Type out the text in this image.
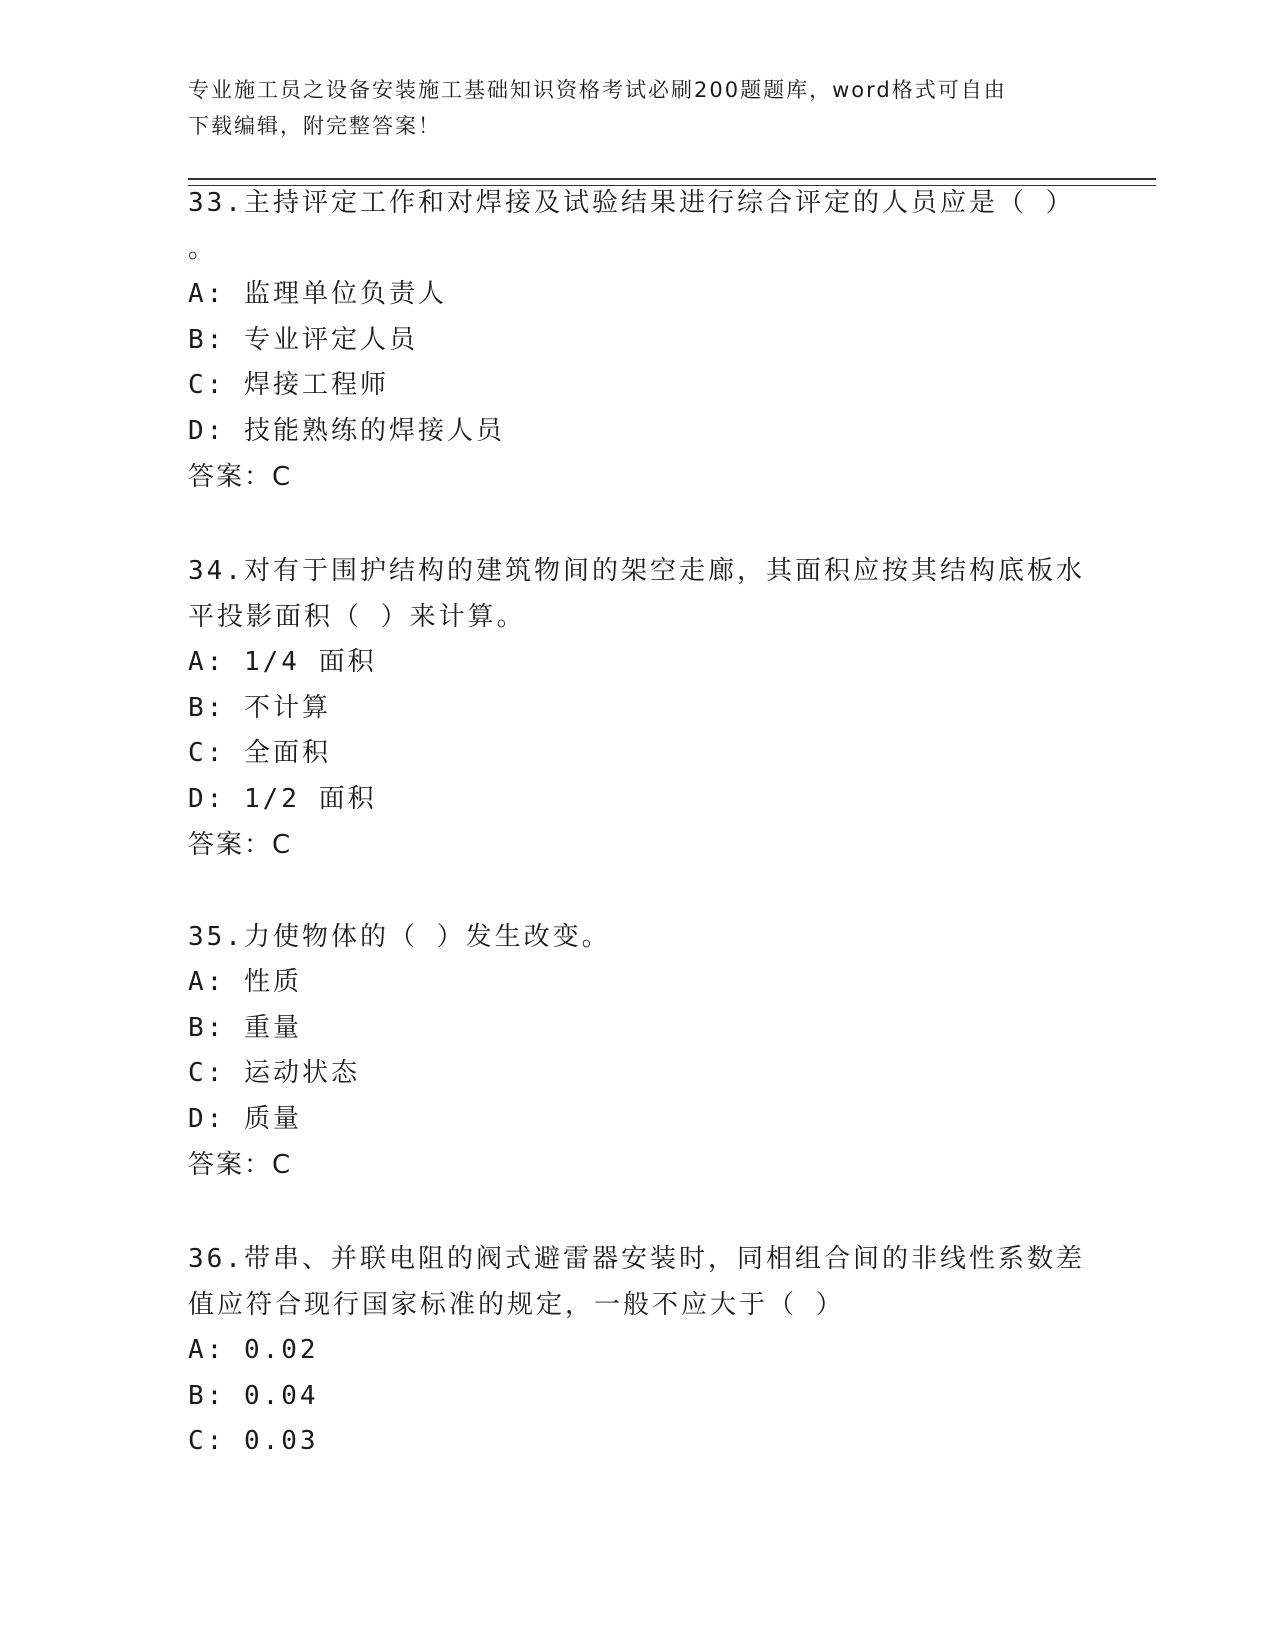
专业施工员之设备安装施工基础知识资格考试必刷200题题库，word格式可自由
下载编辑，附完整答案！
33.主持评定工作和对焊接及试验结果进行综合评定的人员应是（ ）
。
A: 监理单位负责人
B: 专业评定人员
C: 焊接工程师
D: 技能熟练的焊接人员
答案：C
34.对有于围护结构的建筑物间的架空走廊，其面积应按其结构底板水
平投影面积（ ）来计算。
A: 1/4 面积
B: 不计算
C: 全面积
D: 1/2 面积
答案：C
35.力使物体的（ ）发生改变。
A: 性质
B: 重量
C: 运动状态
D: 质量
答案：C
36.带串、并联电阻的阀式避雷器安装时，同相组合间的非线性系数差
值应符合现行国家标准的规定，一般不应大于（ ）
A: 0.02
B: 0.04
C: 0.03
